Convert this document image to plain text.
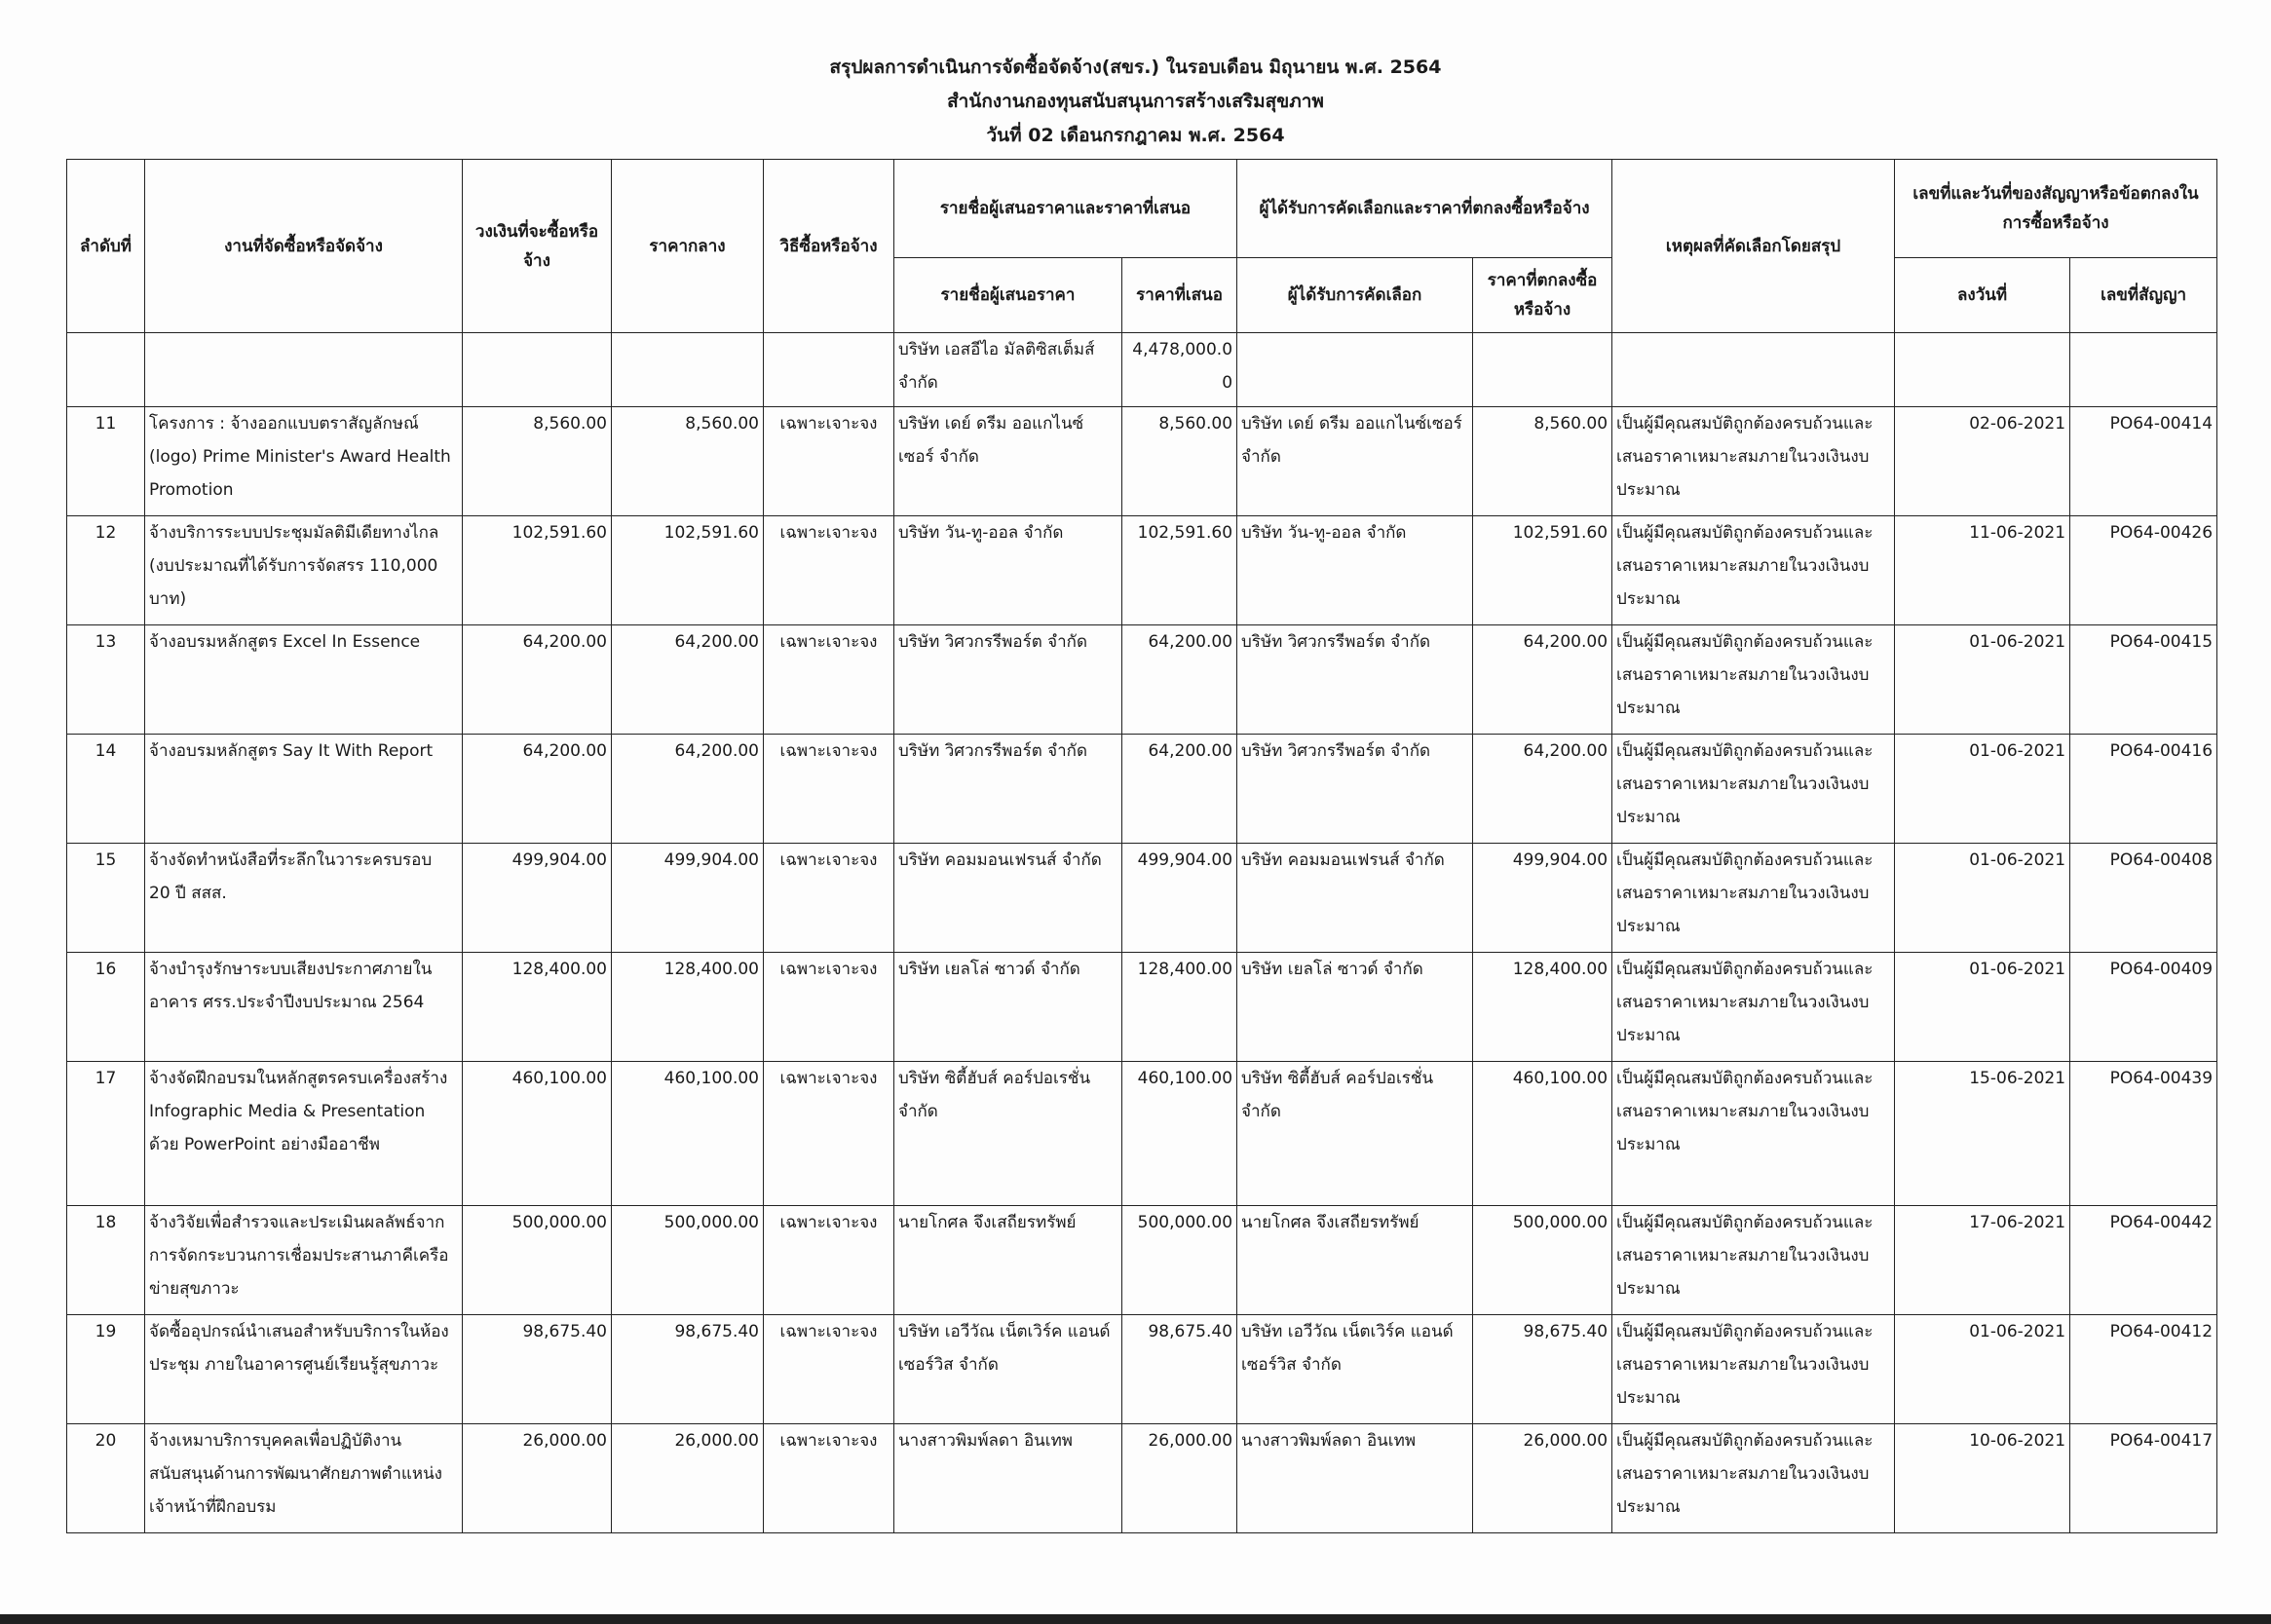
สรุปผลการดำเนินการจัดซื้อจัดจ้าง(สขร.) ในรอบเดือน มิถุนายน พ.ศ. 2564
สำนักงานกองทุนสนับสนุนการสร้างเสริมสุขภาพ
วันที่ 02 เดือนกรกฎาคม พ.ศ. 2564
ลำดับที่	งานที่จัดซื้อหรือจัดจ้าง	วงเงินที่จะซื้อหรือจ้าง	ราคากลาง	วิธีซื้อหรือจ้าง	รายชื่อผู้เสนอราคาและราคาที่เสนอ		ผู้ได้รับการคัดเลือกและราคาที่ตกลงซื้อหรือจ้าง		เหตุผลที่คัดเลือกโดยสรุป	เลขที่และวันที่ของสัญญาหรือข้อตกลงในการซื้อหรือจ้าง	
					รายชื่อผู้เสนอราคา	ราคาที่เสนอ	ผู้ได้รับการคัดเลือก	ราคาที่ตกลงซื้อหรือจ้าง		ลงวันที่	เลขที่สัญญา
					บริษัท เอสอีไอ มัลติซิสเต็มส์ จำกัด	4,478,000.00					
11	โครงการ : จ้างออกแบบตราสัญลักษณ์ (logo) Prime Minister's Award Health Promotion	8,560.00	8,560.00	เฉพาะเจาะจง	บริษัท เดย์ ดรีม ออแกไนซ์เซอร์ จำกัด	8,560.00	บริษัท เดย์ ดรีม ออแกไนซ์เซอร์ จำกัด	8,560.00	เป็นผู้มีคุณสมบัติถูกต้องครบถ้วนและเสนอราคาเหมาะสมภายในวงเงินงบประมาณ	02-06-2021	PO64-00414
12	จ้างบริการระบบประชุมมัลติมีเดียทางไกล (งบประมาณที่ได้รับการจัดสรร 110,000 บาท)	102,591.60	102,591.60	เฉพาะเจาะจง	บริษัท วัน-ทู-ออล จำกัด	102,591.60	บริษัท วัน-ทู-ออล จำกัด	102,591.60	เป็นผู้มีคุณสมบัติถูกต้องครบถ้วนและเสนอราคาเหมาะสมภายในวงเงินงบประมาณ	11-06-2021	PO64-00426
13	จ้างอบรมหลักสูตร Excel In Essence	64,200.00	64,200.00	เฉพาะเจาะจง	บริษัท วิศวกรรีพอร์ต จำกัด	64,200.00	บริษัท วิศวกรรีพอร์ต จำกัด	64,200.00	เป็นผู้มีคุณสมบัติถูกต้องครบถ้วนและเสนอราคาเหมาะสมภายในวงเงินงบประมาณ	01-06-2021	PO64-00415
14	จ้างอบรมหลักสูตร Say It With Report	64,200.00	64,200.00	เฉพาะเจาะจง	บริษัท วิศวกรรีพอร์ต จำกัด	64,200.00	บริษัท วิศวกรรีพอร์ต จำกัด	64,200.00	เป็นผู้มีคุณสมบัติถูกต้องครบถ้วนและเสนอราคาเหมาะสมภายในวงเงินงบประมาณ	01-06-2021	PO64-00416
15	จ้างจัดทำหนังสือที่ระลึกในวาระครบรอบ 20 ปี สสส.	499,904.00	499,904.00	เฉพาะเจาะจง	บริษัท คอมมอนเฟรนส์ จำกัด	499,904.00	บริษัท คอมมอนเฟรนส์ จำกัด	499,904.00	เป็นผู้มีคุณสมบัติถูกต้องครบถ้วนและเสนอราคาเหมาะสมภายในวงเงินงบประมาณ	01-06-2021	PO64-00408
16	จ้างบำรุงรักษาระบบเสียงประกาศภายในอาคาร ศรร.ประจำปีงบประมาณ 2564	128,400.00	128,400.00	เฉพาะเจาะจง	บริษัท เยลโล่ ซาวด์ จำกัด	128,400.00	บริษัท เยลโล่ ซาวด์ จำกัด	128,400.00	เป็นผู้มีคุณสมบัติถูกต้องครบถ้วนและเสนอราคาเหมาะสมภายในวงเงินงบประมาณ	01-06-2021	PO64-00409
17	จ้างจัดฝึกอบรมในหลักสูตรครบเครื่องสร้าง Infographic Media & Presentation ด้วย PowerPoint อย่างมืออาชีพ	460,100.00	460,100.00	เฉพาะเจาะจง	บริษัท ซิตี้ฮับส์ คอร์ปอเรชั่น จำกัด	460,100.00	บริษัท ซิตี้ฮับส์ คอร์ปอเรชั่น จำกัด	460,100.00	เป็นผู้มีคุณสมบัติถูกต้องครบถ้วนและเสนอราคาเหมาะสมภายในวงเงินงบประมาณ	15-06-2021	PO64-00439
18	จ้างวิจัยเพื่อสำรวจและประเมินผลลัพธ์จากการจัดกระบวนการเชื่อมประสานภาคีเครือข่ายสุขภาวะ	500,000.00	500,000.00	เฉพาะเจาะจง	นายโกศล จึงเสถียรทรัพย์	500,000.00	นายโกศล จึงเสถียรทรัพย์	500,000.00	เป็นผู้มีคุณสมบัติถูกต้องครบถ้วนและเสนอราคาเหมาะสมภายในวงเงินงบประมาณ	17-06-2021	PO64-00442
19	จัดซื้ออุปกรณ์นำเสนอสำหรับบริการในห้องประชุม ภายในอาคารศูนย์เรียนรู้สุขภาวะ	98,675.40	98,675.40	เฉพาะเจาะจง	บริษัท เอวีวัณ เน็ตเวิร์ค แอนด์ เซอร์วิส จำกัด	98,675.40	บริษัท เอวีวัณ เน็ตเวิร์ค แอนด์ เซอร์วิส จำกัด	98,675.40	เป็นผู้มีคุณสมบัติถูกต้องครบถ้วนและเสนอราคาเหมาะสมภายในวงเงินงบประมาณ	01-06-2021	PO64-00412
20	จ้างเหมาบริการบุคคลเพื่อปฏิบัติงานสนับสนุนด้านการพัฒนาศักยภาพตำแหน่งเจ้าหน้าที่ฝึกอบรม	26,000.00	26,000.00	เฉพาะเจาะจง	นางสาวพิมพ์ลดา อินเทพ	26,000.00	นางสาวพิมพ์ลดา อินเทพ	26,000.00	เป็นผู้มีคุณสมบัติถูกต้องครบถ้วนและเสนอราคาเหมาะสมภายในวงเงินงบประมาณ	10-06-2021	PO64-00417
